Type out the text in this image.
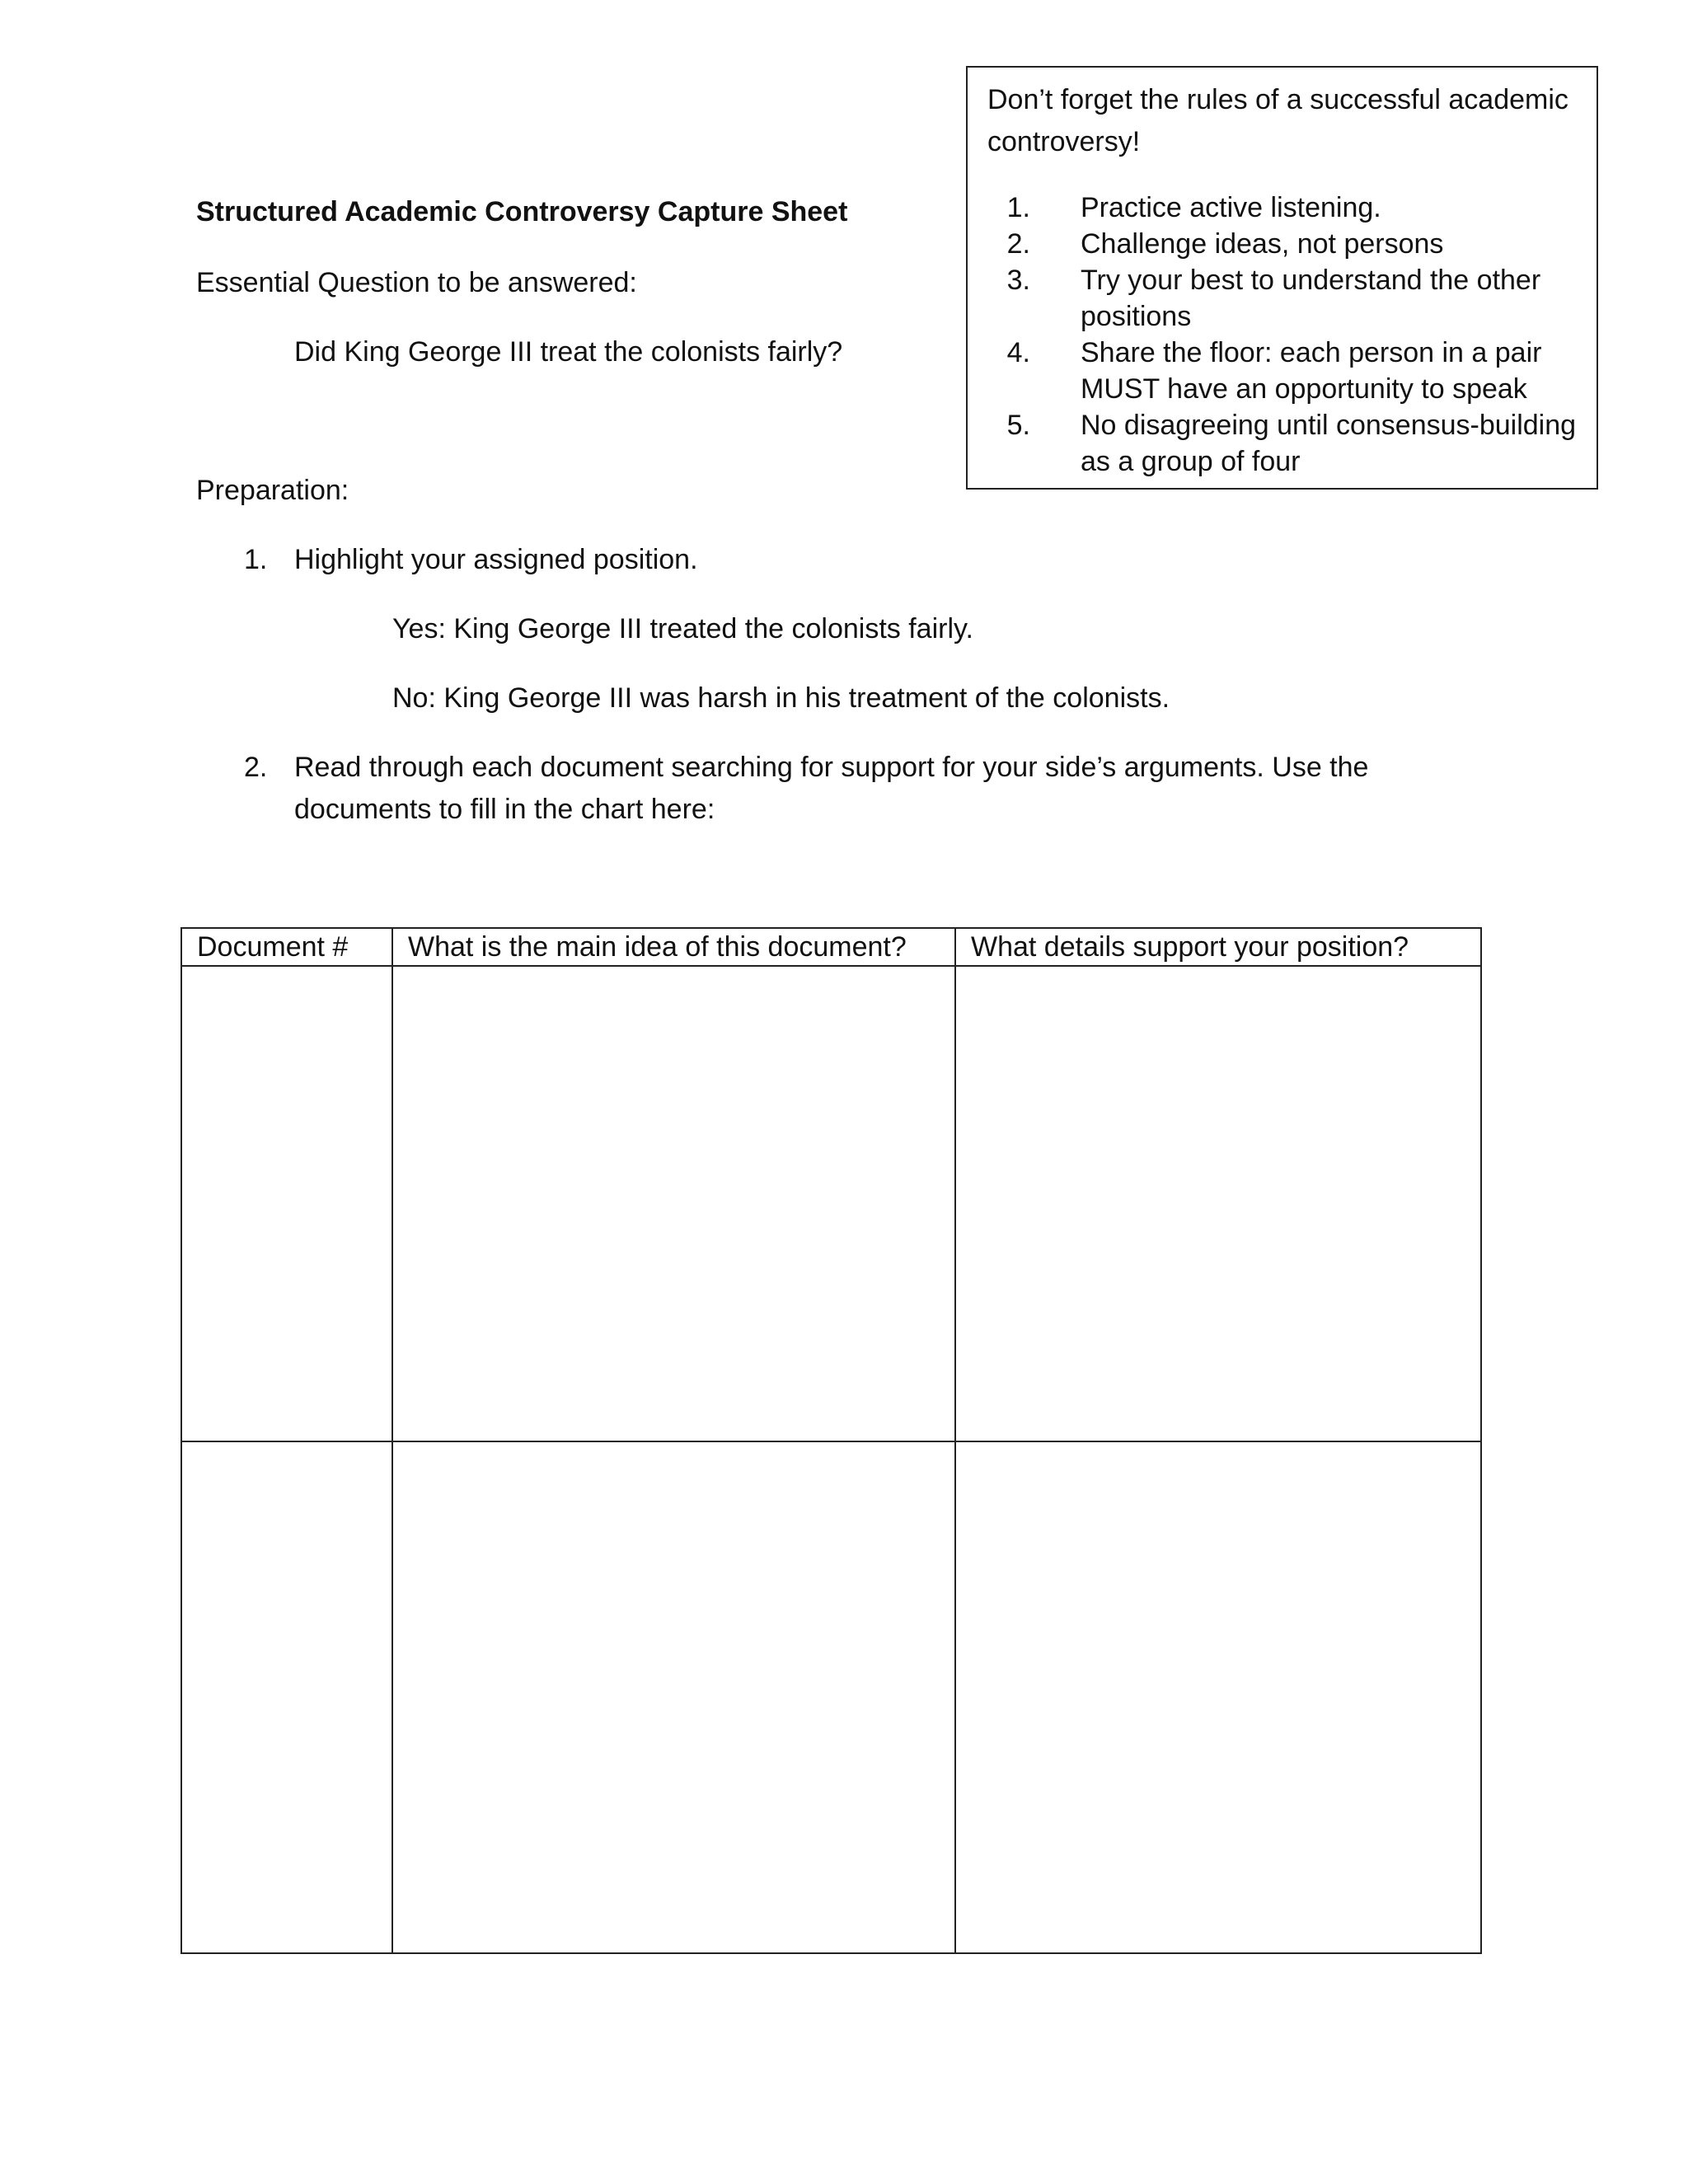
Don’t forget the rules of a successful academic controversy!
1. Practice active listening.
2. Challenge ideas, not persons
3. Try your best to understand the other
positions
4. Share the floor: each person in a pair
MUST have an opportunity to speak
5. No disagreeing until consensus-building
as a group of four
Structured Academic Controversy Capture Sheet
Essential Question to be answered:
Did King George III treat the colonists fairly?
Preparation:
1. Highlight your assigned position.
Yes: King George III treated the colonists fairly.
No: King George III was harsh in his treatment of the colonists.
2. Read through each document searching for support for your side’s arguments. Use the
documents to fill in the chart here:
Document #	What is the main idea of this document?	What details support your position?
